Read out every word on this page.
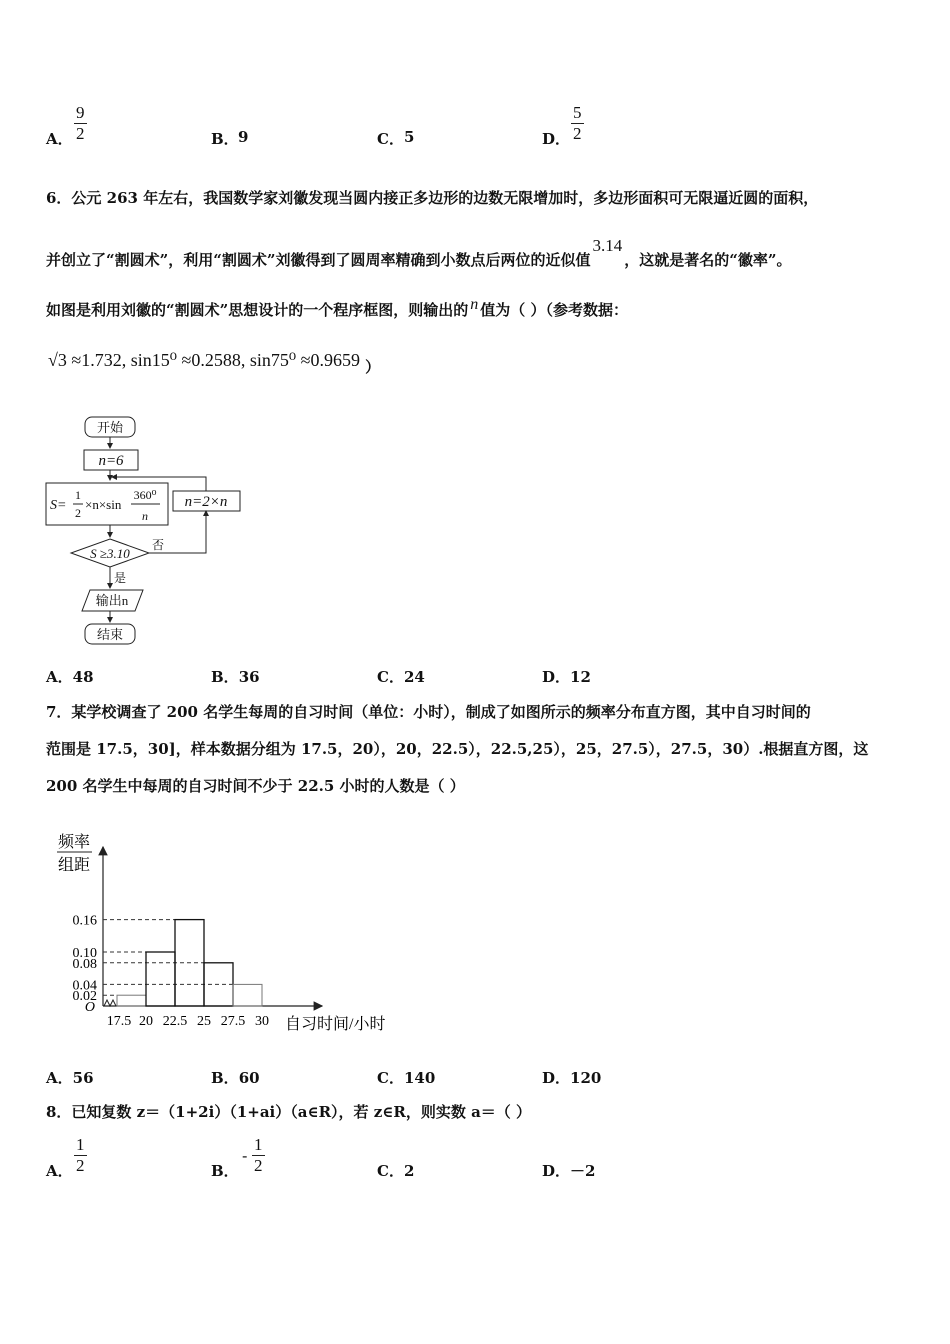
A．
9
2	B． 9	C． 5	D．
5
2
6．公元 263 年左右，我国数学家刘徽发现当圆内接正多边形的边数无限增加时，多边形面积可无限逼近圆的面积，
并创立了“割圆术”，利用“割圆术”刘徽得到了圆周率精确到小数点后两位的近似值3.14，这就是著名的“徽率”。
如图是利用刘徽的“割圆术”思想设计的一个程序框图，则输出的 n 值为（ ）（参考数据：
√3 ≈1.732, sin15⁰ ≈0.2588, sin75⁰ ≈0.9659 ）
开始
n=6
S=
1
2
×n×sin
360⁰
n
n=2×n
S ≥3.10
否
是
输出n
结束
A．48	B．36	C．24	D．12
7．某学校调查了 200 名学生每周的自习时间（单位：小时），制成了如图所示的频率分布直方图，其中自习时间的
范围是 17.5，30]，样本数据分组为 17.5，20），20，22.5），22.5,25），25，27.5），27.5，30）.根据直方图，这
200 名学生中每周的自习时间不少于 22.5 小时的人数是（ ）
频率
组距
O
0.02
0.04
0.08
0.10
0.16
17.5 20 22.5 25 27.5 30 自习时间/小时
A．56	B．60	C．140	D．120
8．已知复数 z＝（1+2i）（1+ai）（a∈R），若 z∈R，则实数 a＝（ ）
A．
1
2	B．
-
1
2	C．2	D．－2
